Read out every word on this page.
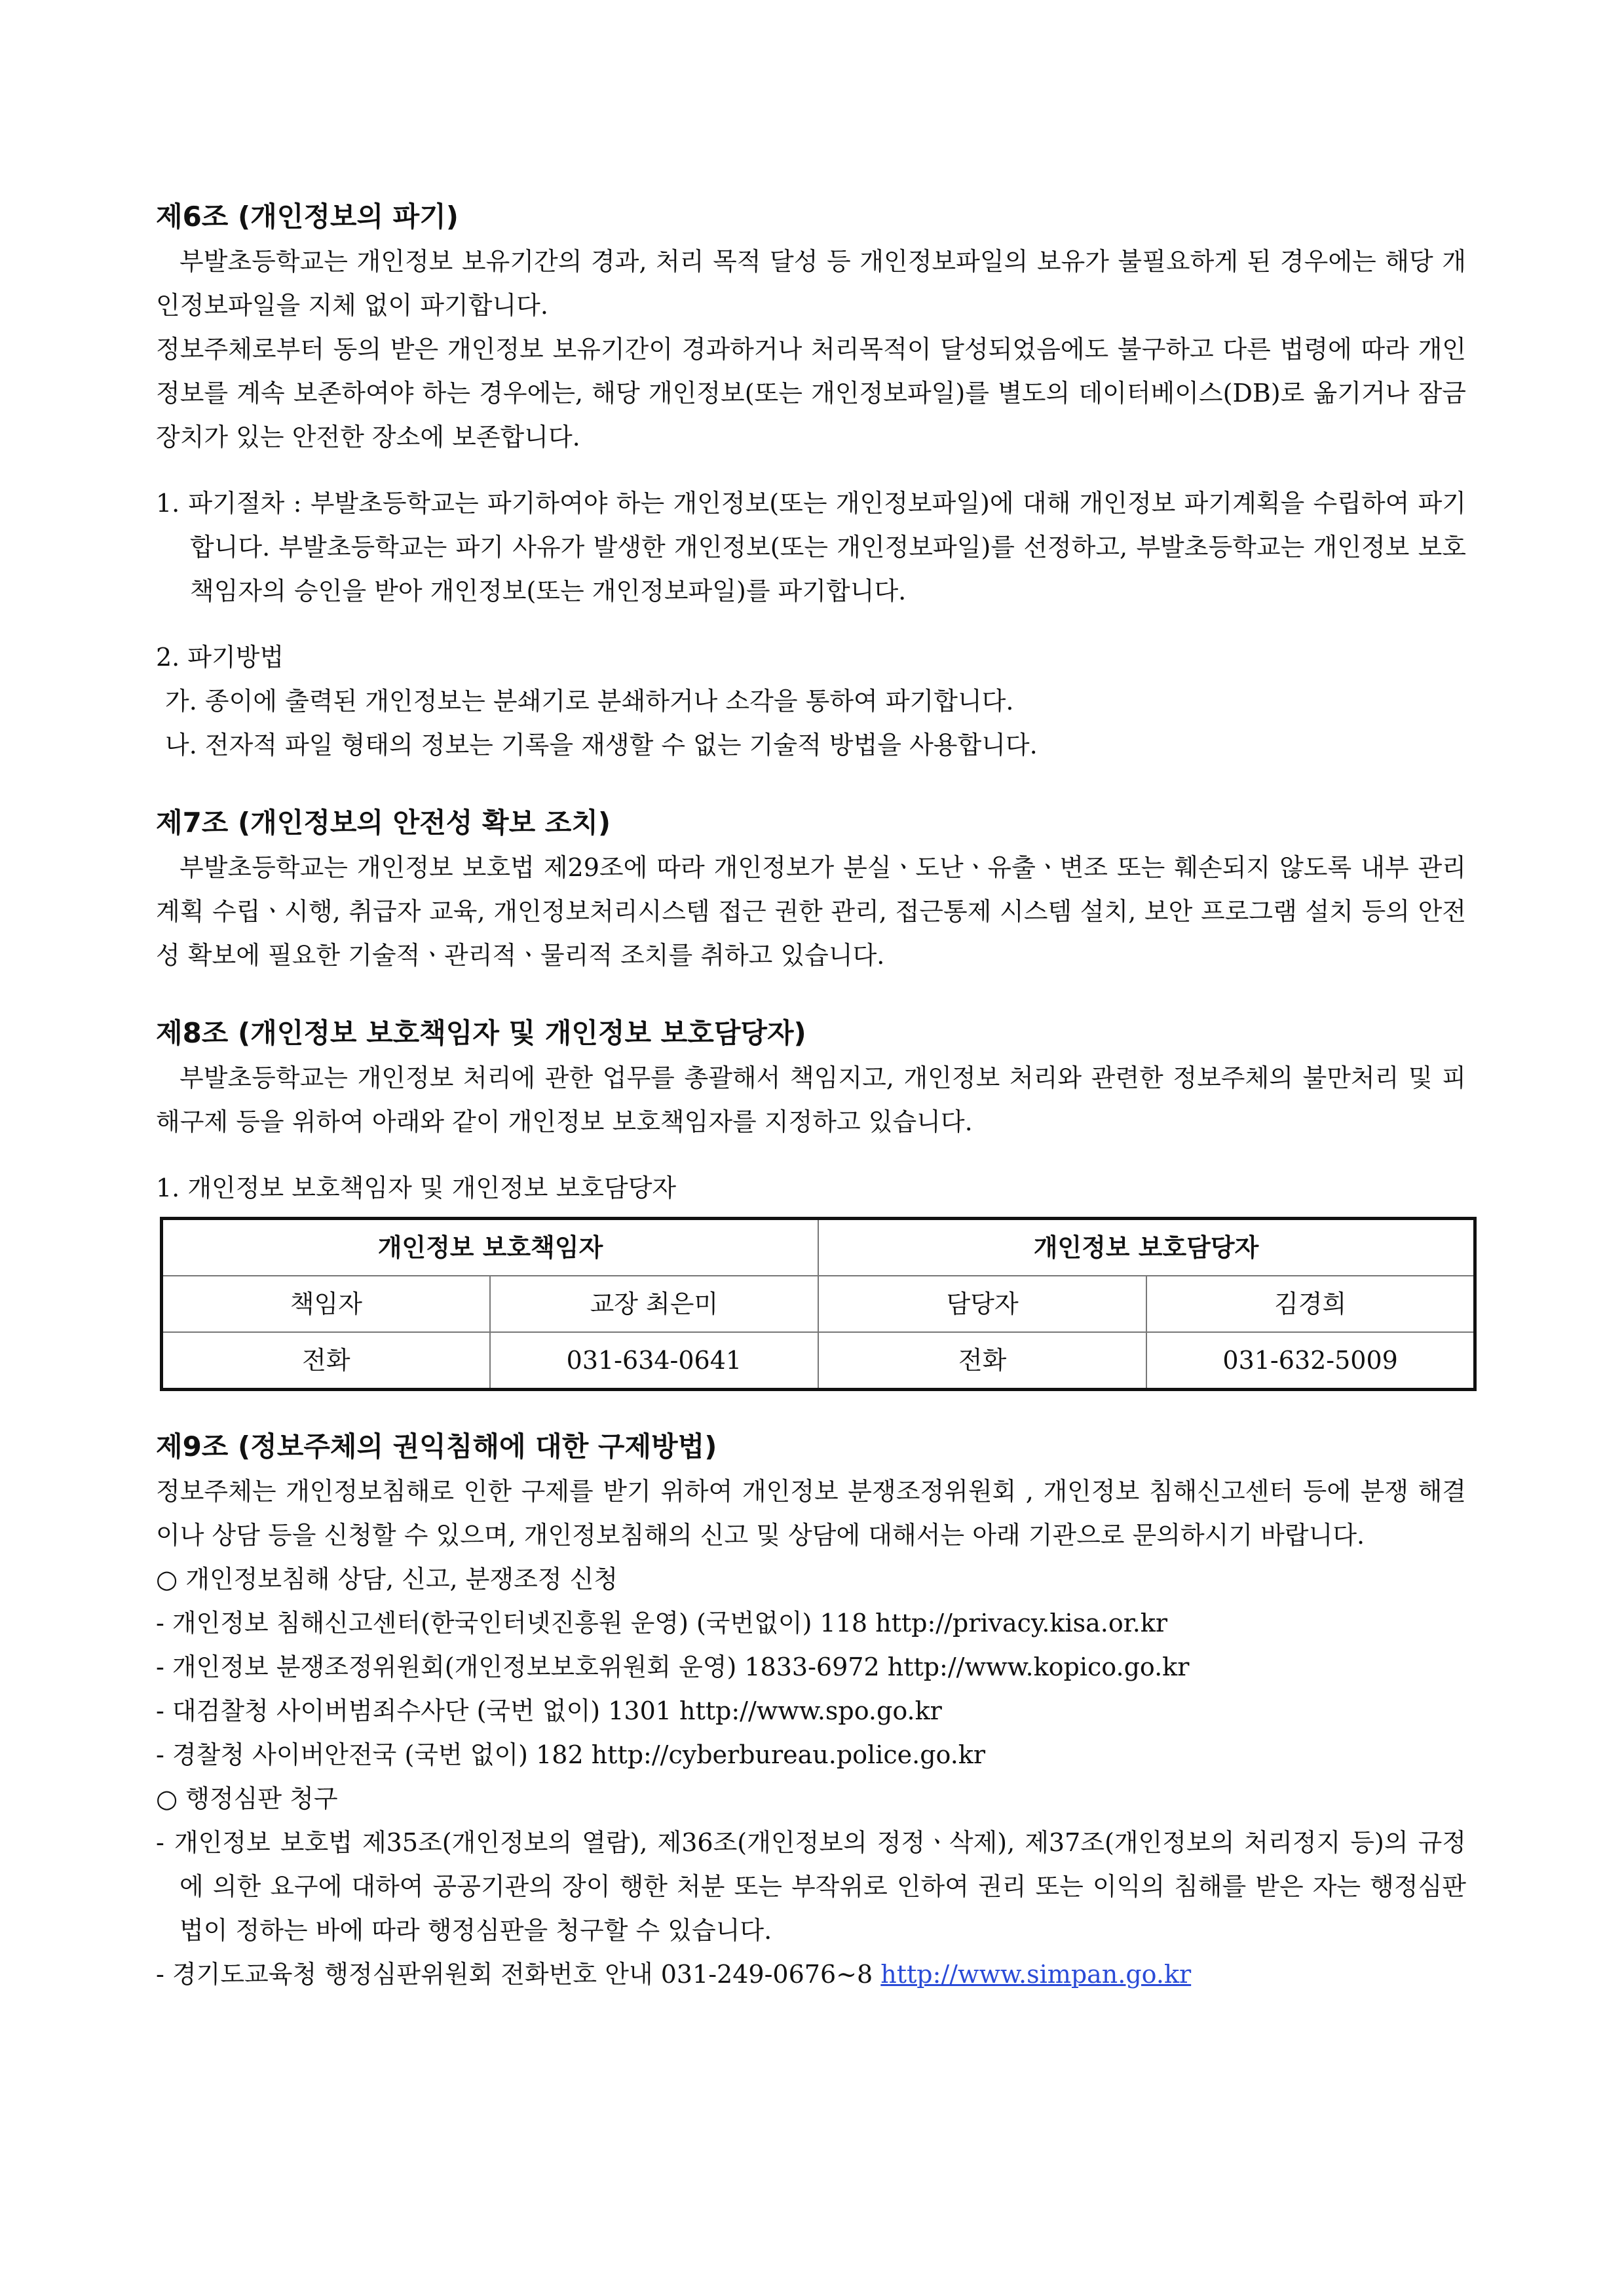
제6조 (개인정보의 파기)

부발초등학교는 개인정보 보유기간의 경과, 처리 목적 달성 등 개인정보파일의 보유가 불필요하게 된 경우에는 해당 개인정보파일을 지체 없이 파기합니다.

정보주체로부터 동의 받은 개인정보 보유기간이 경과하거나 처리목적이 달성되었음에도 불구하고 다른 법령에 따라 개인정보를 계속 보존하여야 하는 경우에는, 해당 개인정보(또는 개인정보파일)를 별도의 데이터베이스(DB)로 옮기거나 잠금장치가 있는 안전한 장소에 보존합니다.

1. 파기절차 : 부발초등학교는 파기하여야 하는 개인정보(또는 개인정보파일)에 대해 개인정보 파기계획을 수립하여 파기합니다. 부발초등학교는 파기 사유가 발생한 개인정보(또는 개인정보파일)를 선정하고, 부발초등학교는 개인정보 보호책임자의 승인을 받아 개인정보(또는 개인정보파일)를 파기합니다.

2. 파기방법

가. 종이에 출력된 개인정보는 분쇄기로 분쇄하거나 소각을 통하여 파기합니다.

나. 전자적 파일 형태의 정보는 기록을 재생할 수 없는 기술적 방법을 사용합니다.

제7조 (개인정보의 안전성 확보 조치)

부발초등학교는 개인정보 보호법 제29조에 따라 개인정보가 분실ㆍ도난ㆍ유출ㆍ변조 또는 훼손되지 않도록 내부 관리계획 수립ㆍ시행, 취급자 교육, 개인정보처리시스템 접근 권한 관리, 접근통제 시스템 설치, 보안 프로그램 설치 등의 안전성 확보에 필요한 기술적ㆍ관리적ㆍ물리적 조치를 취하고 있습니다.

제8조 (개인정보 보호책임자 및 개인정보 보호담당자)

부발초등학교는 개인정보 처리에 관한 업무를 총괄해서 책임지고, 개인정보 처리와 관련한 정보주체의 불만처리 및 피해구제 등을 위하여 아래와 같이 개인정보 보호책임자를 지정하고 있습니다.

1. 개인정보 보호책임자 및 개인정보 보호담당자

개인정보 보호책임자		개인정보 보호담당자	
책임자	교장 최은미	담당자	김경희
전화	031-634-0641	전화	031-632-5009
제9조 (정보주체의 권익침해에 대한 구제방법)

정보주체는 개인정보침해로 인한 구제를 받기 위하여 개인정보 분쟁조정위원회 , 개인정보 침해신고센터 등에 분쟁 해결이나 상담 등을 신청할 수 있으며, 개인정보침해의 신고 및 상담에 대해서는 아래 기관으로 문의하시기 바랍니다.

○ 개인정보침해 상담, 신고, 분쟁조정 신청

- 개인정보 침해신고센터(한국인터넷진흥원 운영) (국번없이) 118 http://privacy.kisa.or.kr

- 개인정보 분쟁조정위원회(개인정보보호위원회 운영) 1833-6972 http://www.kopico.go.kr

- 대검찰청 사이버범죄수사단 (국번 없이) 1301 http://www.spo.go.kr

- 경찰청 사이버안전국 (국번 없이) 182 http://cyberbureau.police.go.kr

○ 행정심판 청구

- 개인정보 보호법 제35조(개인정보의 열람), 제36조(개인정보의 정정ㆍ삭제), 제37조(개인정보의 처리정지 등)의 규정에 의한 요구에 대하여 공공기관의 장이 행한 처분 또는 부작위로 인하여 권리 또는 이익의 침해를 받은 자는 행정심판법이 정하는 바에 따라 행정심판을 청구할 수 있습니다.

- 경기도교육청 행정심판위원회 전화번호 안내 031-249-0676~8 http://www.simpan.go.kr
